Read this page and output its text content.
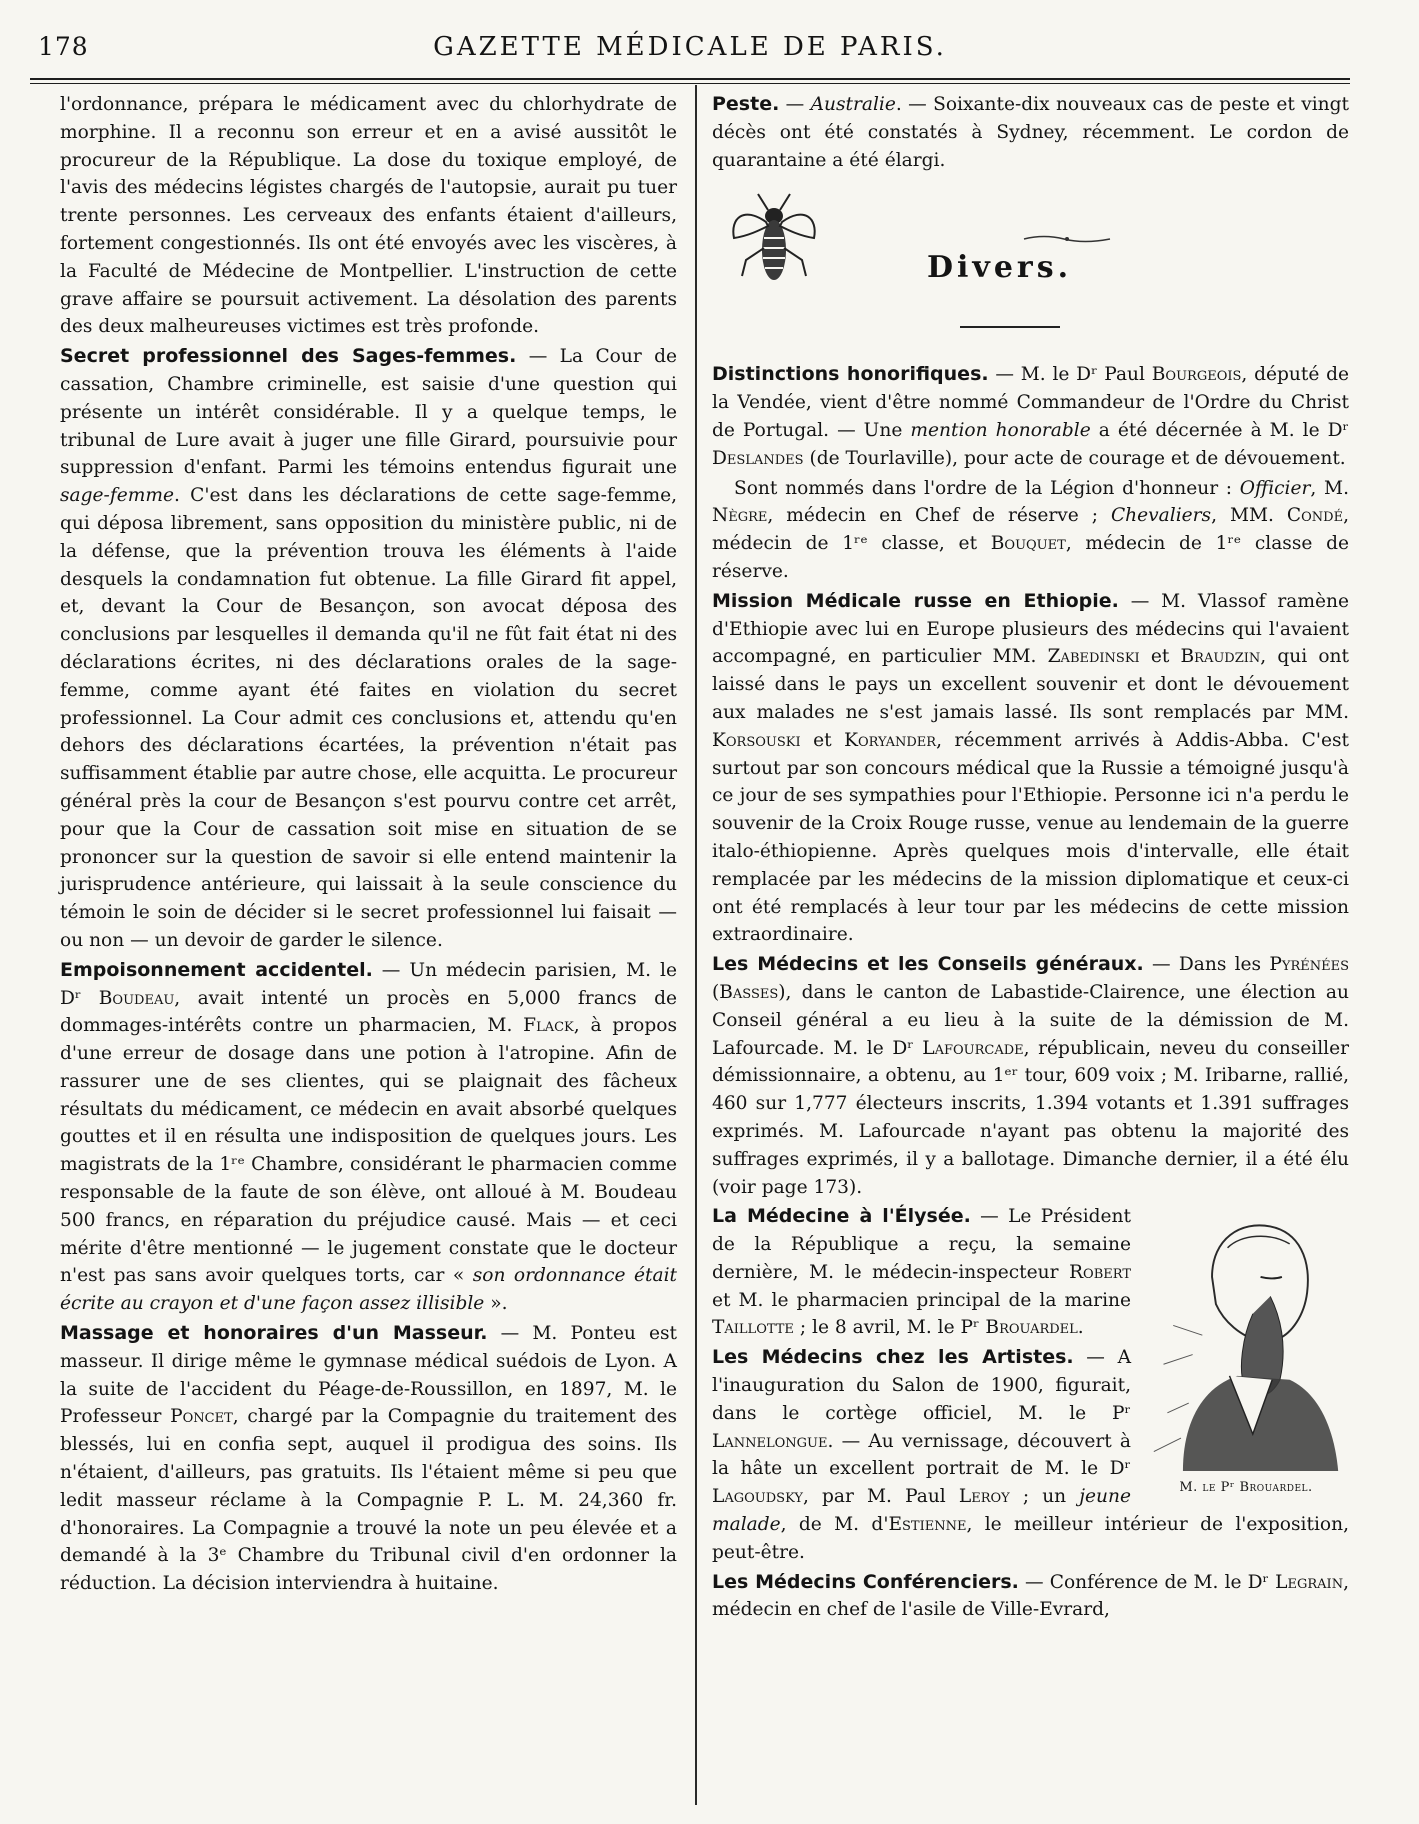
178	GAZETTE MÉDICALE DE PARIS.

l'ordonnance, prépara le médicament avec du chlorhydrate de morphine. Il a reconnu son erreur et en a avisé aussitôt le procureur de la République. La dose du toxique employé, de l'avis des médecins légistes chargés de l'autopsie, aurait pu tuer trente personnes. Les cerveaux des enfants étaient d'ailleurs, fortement congestionnés. Ils ont été envoyés avec les viscères, à la Faculté de Médecine de Montpellier. L'instruction de cette grave affaire se poursuit activement. La désolation des parents des deux malheureuses victimes est très profonde.

Secret professionnel des Sages-femmes. — La Cour de cassation, Chambre criminelle, est saisie d'une question qui présente un intérêt considérable. Il y a quelque temps, le tribunal de Lure avait à juger une fille Girard, poursuivie pour suppression d'enfant. Parmi les témoins entendus figurait une sage-femme. C'est dans les déclarations de cette sage-femme, qui déposa librement, sans opposition du ministère public, ni de la défense, que la prévention trouva les éléments à l'aide desquels la condamnation fut obtenue. La fille Girard fit appel, et, devant la Cour de Besançon, son avocat déposa des conclusions par lesquelles il demanda qu'il ne fût fait état ni des déclarations écrites, ni des déclarations orales de la sage-femme, comme ayant été faites en violation du secret professionnel. La Cour admit ces conclusions et, attendu qu'en dehors des déclarations écartées, la prévention n'était pas suffisamment établie par autre chose, elle acquitta. Le procureur général près la cour de Besançon s'est pourvu contre cet arrêt, pour que la Cour de cassation soit mise en situation de se prononcer sur la question de savoir si elle entend maintenir la jurisprudence antérieure, qui laissait à la seule conscience du témoin le soin de décider si le secret professionnel lui faisait — ou non — un devoir de garder le silence.

Empoisonnement accidentel. — Un médecin parisien, M. le Dʳ Boudeau, avait intenté un procès en 5,000 francs de dommages-intérêts contre un pharmacien, M. Flack, à propos d'une erreur de dosage dans une potion à l'atropine. Afin de rassurer une de ses clientes, qui se plaignait des fâcheux résultats du médicament, ce médecin en avait absorbé quelques gouttes et il en résulta une indisposition de quelques jours. Les magistrats de la 1ʳᵉ Chambre, considérant le pharmacien comme responsable de la faute de son élève, ont alloué à M. Boudeau 500 francs, en réparation du préjudice causé. Mais — et ceci mérite d'être mentionné — le jugement constate que le docteur n'est pas sans avoir quelques torts, car « son ordonnance était écrite au crayon et d'une façon assez illisible ».

Massage et honoraires d'un Masseur. — M. Ponteu est masseur. Il dirige même le gymnase médical suédois de Lyon. A la suite de l'accident du Péage-de-Roussillon, en 1897, M. le Professeur Poncet, chargé par la Compagnie du traitement des blessés, lui en confia sept, auquel il prodigua des soins. Ils n'étaient, d'ailleurs, pas gratuits. Ils l'étaient même si peu que ledit masseur réclame à la Compagnie P. L. M. 24,360 fr. d'honoraires. La Compagnie a trouvé la note un peu élevée et a demandé à la 3ᵉ Chambre du Tribunal civil d'en ordonner la réduction. La décision interviendra à huitaine.

Peste. — Australie. — Soixante-dix nouveaux cas de peste et vingt décès ont été constatés à Sydney, récemment. Le cordon de quarantaine a été élargi.

Divers.

Distinctions honorifiques. — M. le Dʳ Paul Bourgeois, député de la Vendée, vient d'être nommé Commandeur de l'Ordre du Christ de Portugal. — Une mention honorable a été décernée à M. le Dʳ Deslandes (de Tourlaville), pour acte de courage et de dévouement.

Sont nommés dans l'ordre de la Légion d'honneur : Officier, M. Nègre, médecin en Chef de réserve ; Chevaliers, MM. Condé, médecin de 1ʳᵉ classe, et Bouquet, médecin de 1ʳᵉ classe de réserve.

Mission Médicale russe en Ethiopie. — M. Vlassof ramène d'Ethiopie avec lui en Europe plusieurs des médecins qui l'avaient accompagné, en particulier MM. Zabedinski et Braudzin, qui ont laissé dans le pays un excellent souvenir et dont le dévouement aux malades ne s'est jamais lassé. Ils sont remplacés par MM. Korsouski et Koryander, récemment arrivés à Addis-Abba. C'est surtout par son concours médical que la Russie a témoigné jusqu'à ce jour de ses sympathies pour l'Ethiopie. Personne ici n'a perdu le souvenir de la Croix Rouge russe, venue au lendemain de la guerre italo-éthiopienne. Après quelques mois d'intervalle, elle était remplacée par les médecins de la mission diplomatique et ceux-ci ont été remplacés à leur tour par les médecins de cette mission extraordinaire.

Les Médecins et les Conseils généraux. — Dans les Pyrénées (Basses), dans le canton de Labastide-Clairence, une élection au Conseil général a eu lieu à la suite de la démission de M. Lafourcade. M. le Dʳ Lafourcade, républicain, neveu du conseiller démissionnaire, a obtenu, au 1ᵉʳ tour, 609 voix ; M. Iribarne, rallié, 460 sur 1,777 électeurs inscrits, 1.394 votants et 1.391 suffrages exprimés. M. Lafourcade n'ayant pas obtenu la majorité des suffrages exprimés, il y a ballotage. Dimanche dernier, il a été élu (voir page 173).

M. le Pʳ Brouardel.

La Médecine à l'Élysée. — Le Président de la République a reçu, la semaine dernière, M. le médecin-inspecteur Robert et M. le pharmacien principal de la marine Taillotte ; le 8 avril, M. le Pʳ Brouardel.

Les Médecins chez les Artistes. — A l'inauguration du Salon de 1900, figurait, dans le cortège officiel, M. le Pʳ Lannelongue. — Au vernissage, découvert à la hâte un excellent portrait de M. le Dʳ Lagoudsky, par M. Paul Leroy ; un jeune malade, de M. d'Estienne, le meilleur intérieur de l'exposition, peut-être.

Les Médecins Conférenciers. — Conférence de M. le Dʳ Legrain, médecin en chef de l'asile de Ville-Evrard,
